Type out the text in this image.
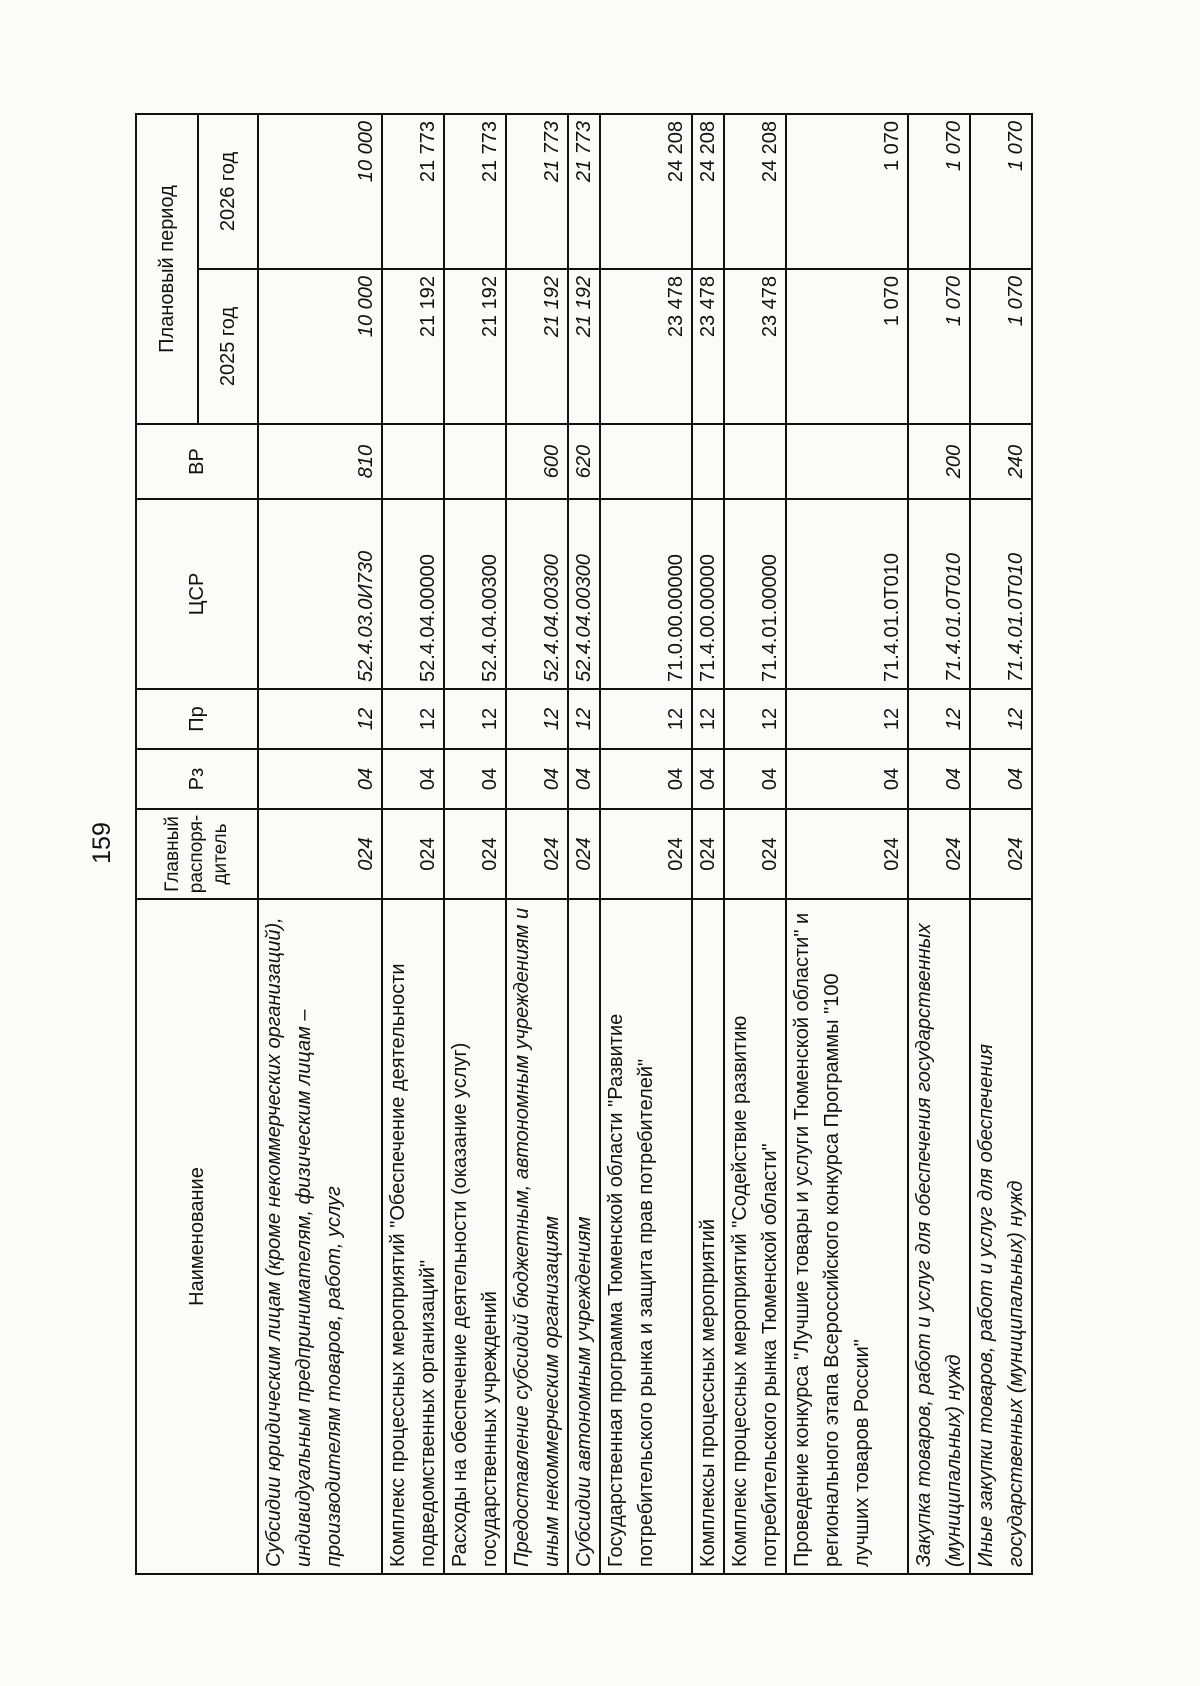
159
Наименование	Главный распоря- дитель	Рз	Пр	ЦСР	ВР	Плановый период	
						2025 год	2026 год
Субсидии юридическим лицам (кроме некоммерческих организаций), индивидуальным предпринимателям, физическим лицам – производителям товаров, работ, услуг	024	04	12	52.4.03.0И730	810	10 000	10 000
Комплекс процессных мероприятий "Обеспечение деятельности подведомственных организаций"	024	04	12	52.4.04.00000		21 192	21 773
Расходы на обеспечение деятельности (оказание услуг) государственных учреждений	024	04	12	52.4.04.00300		21 192	21 773
Предоставление субсидий бюджетным, автономным учреждениям и иным некоммерческим организациям	024	04	12	52.4.04.00300	600	21 192	21 773
Субсидии автономным учреждениям	024	04	12	52.4.04.00300	620	21 192	21 773
Государственная программа Тюменской области "Развитие потребительского рынка и защита прав потребителей"	024	04	12	71.0.00.00000		23 478	24 208
Комплексы процессных мероприятий	024	04	12	71.4.00.00000		23 478	24 208
Комплекс процессных мероприятий "Содействие развитию потребительского рынка Тюменской области"	024	04	12	71.4.01.00000		23 478	24 208
Проведение конкурса "Лучшие товары и услуги Тюменской области" и регионального этапа Всероссийского конкурса Программы "100 лучших товаров России"	024	04	12	71.4.01.0Т010		1 070	1 070
Закупка товаров, работ и услуг для обеспечения государственных (муниципальных) нужд	024	04	12	71.4.01.0Т010	200	1 070	1 070
Иные закупки товаров, работ и услуг для обеспечения государственных (муниципальных) нужд	024	04	12	71.4.01.0Т010	240	1 070	1 070
